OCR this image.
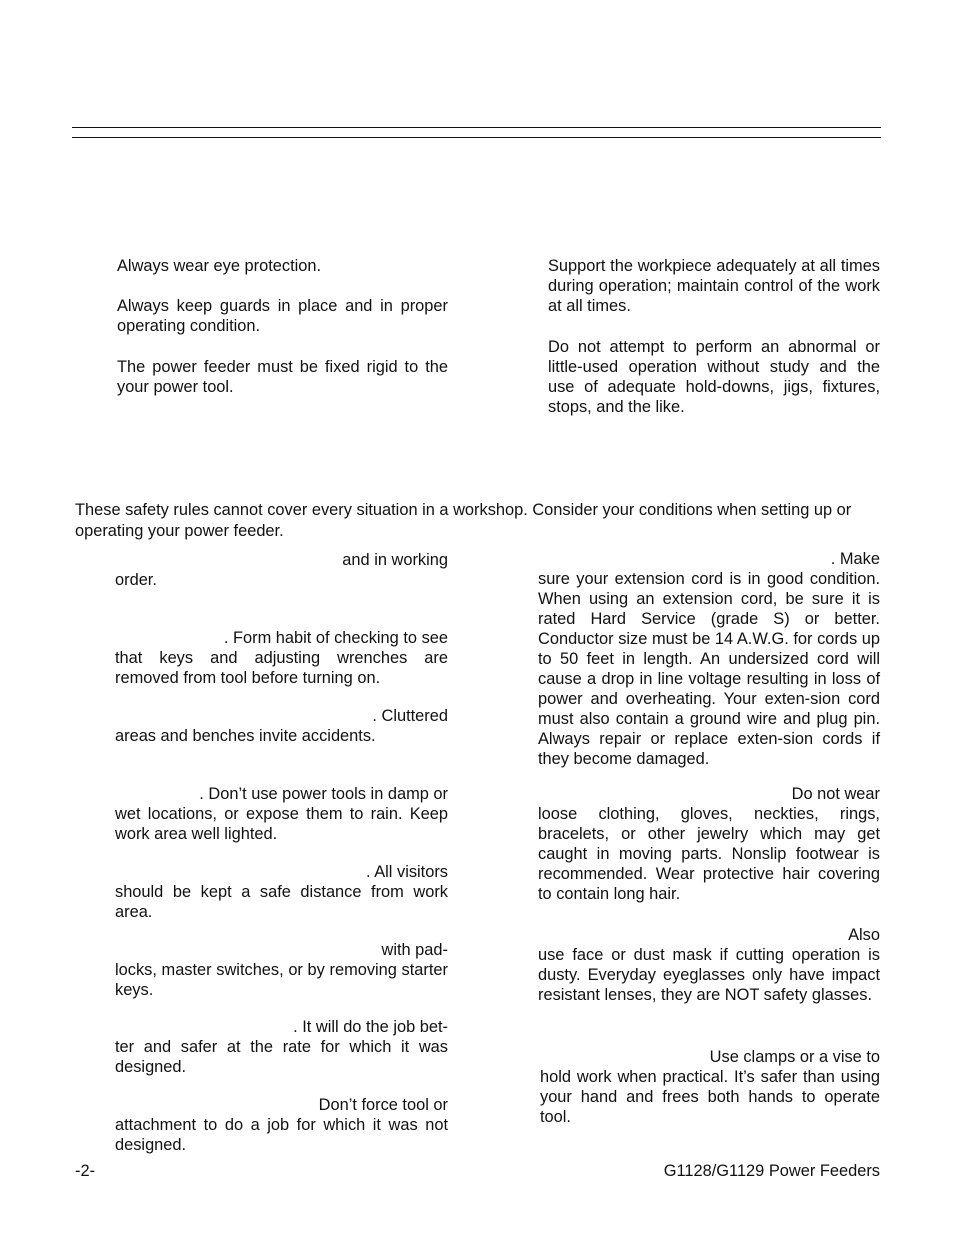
Always wear eye protection.

Always keep guards in place and in proper operating condition.

The power feeder must be fixed rigid to the your power tool.

Support the workpiece adequately at all times during operation; maintain control of the work at all times.

Do not attempt to perform an abnormal or little-used operation without study and the use of adequate hold-downs, jigs, fixtures, stops, and the like.

These safety rules cannot cover every situation in a workshop. Consider your conditions when setting up or operating your power feeder.

and in working
order.
. Form habit of checking to see
that keys and adjusting wrenches are removed from tool before turning on.
. Cluttered
areas and benches invite accidents.
. Don’t use power tools in damp or
wet locations, or expose them to rain. Keep work area well lighted.
. All visitors
should be kept a safe distance from work area.
with pad-
locks, master switches, or by removing starter keys.
. It will do the job bet-
ter and safer at the rate for which it was designed.
Don’t force tool or
attachment to do a job for which it was not designed.
. Make
sure your extension cord is in good condition. When using an extension cord, be sure it is rated Hard Service (grade S) or better. Conductor size must be 14 A.W.G. for cords up to 50 feet in length. An undersized cord will cause a drop in line voltage resulting in loss of power and overheating. Your exten-sion cord must also contain a ground wire and plug pin. Always repair or replace exten-sion cords if they become damaged.
Do not wear
loose clothing, gloves, neckties, rings, bracelets, or other jewelry which may get caught in moving parts. Nonslip footwear is recommended. Wear protective hair covering to contain long hair.
Also
use face or dust mask if cutting operation is dusty. Everyday eyeglasses only have impact resistant lenses, they are NOT safety glasses.
Use clamps or a vise to
hold work when practical. It’s safer than using your hand and frees both hands to operate tool.

-2-	G1128/G1129 Power Feeders
